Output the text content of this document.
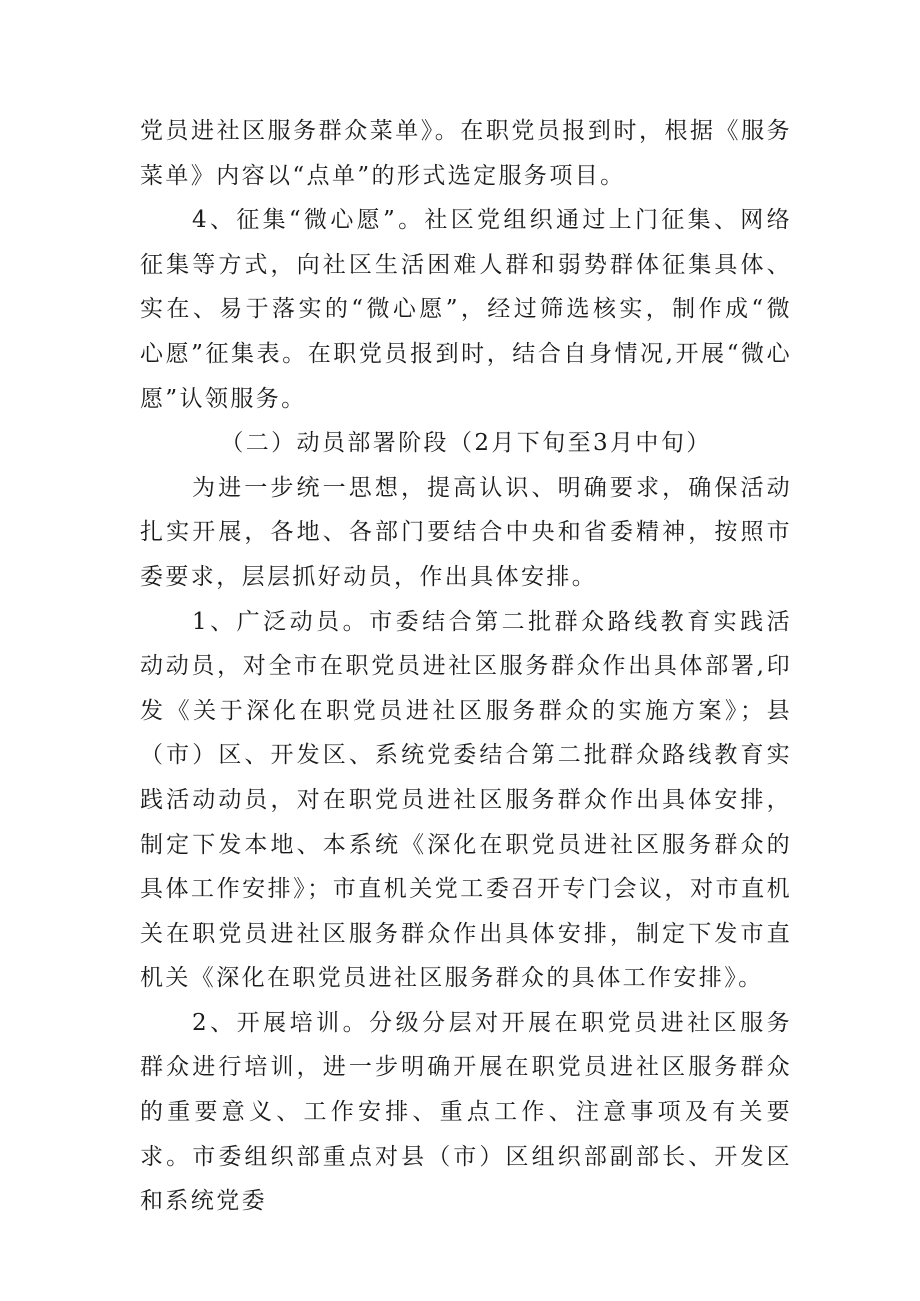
党员进社区服务群众菜单》。在职党员报到时，根据《服务菜单》内容以“点单”的形式选定服务项目。

4、征集“微心愿”。社区党组织通过上门征集、网络征集等方式，向社区生活困难人群和弱势群体征集具体、实在、易于落实的“微心愿”，经过筛选核实，制作成“微心愿”征集表。在职党员报到时，结合自身情况,开展“微心愿”认领服务。

（二）动员部署阶段（2月下旬至3月中旬）

为进一步统一思想，提高认识、明确要求，确保活动扎实开展，各地、各部门要结合中央和省委精神，按照市委要求，层层抓好动员，作出具体安排。

1、广泛动员。市委结合第二批群众路线教育实践活动动员，对全市在职党员进社区服务群众作出具体部署,印发《关于深化在职党员进社区服务群众的实施方案》；县（市）区、开发区、系统党委结合第二批群众路线教育实践活动动员，对在职党员进社区服务群众作出具体安排，制定下发本地、本系统《深化在职党员进社区服务群众的具体工作安排》；市直机关党工委召开专门会议，对市直机关在职党员进社区服务群众作出具体安排，制定下发市直机关《深化在职党员进社区服务群众的具体工作安排》。

2、开展培训。分级分层对开展在职党员进社区服务群众进行培训，进一步明确开展在职党员进社区服务群众的重要意义、工作安排、重点工作、注意事项及有关要求。市委组织部重点对县（市）区组织部副部长、开发区和系统党委
